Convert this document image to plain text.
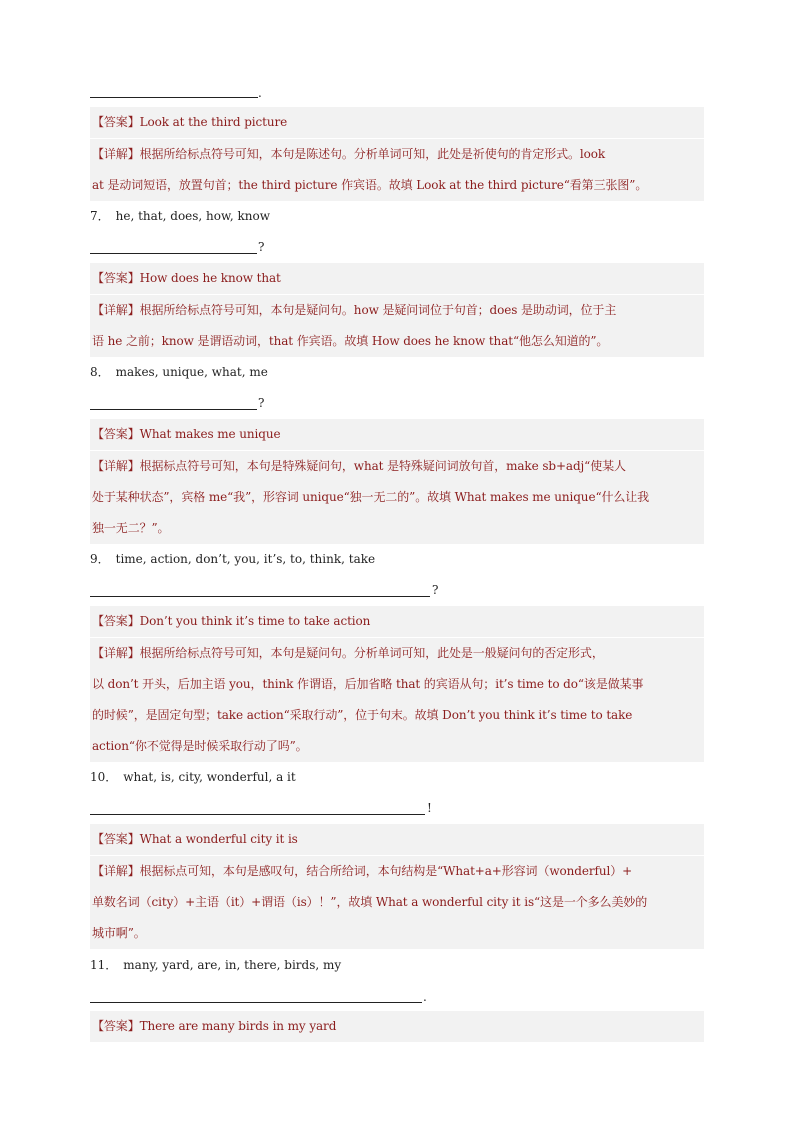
.
【答案】Look at the third picture
【详解】根据所给标点符号可知，本句是陈述句。分析单词可知，此处是祈使句的肯定形式。look
at 是动词短语，放置句首；the third picture 作宾语。故填 Look at the third picture“看第三张图”。
7． he, that, does, how, know
?
【答案】How does he know that
【详解】根据所给标点符号可知，本句是疑问句。how 是疑问词位于句首；does 是助动词，位于主
语 he 之前；know 是谓语动词，that 作宾语。故填 How does he know that“他怎么知道的”。
8． makes, unique, what, me
?
【答案】What makes me unique
【详解】根据标点符号可知，本句是特殊疑问句，what 是特殊疑问词放句首，make sb+adj“使某人
处于某种状态”，宾格 me“我”，形容词 unique“独一无二的”。故填 What makes me unique“什么让我
独一无二？”。
9． time, action, don’t, you, it’s, to, think, take
?
【答案】Don’t you think it’s time to take action
【详解】根据所给标点符号可知，本句是疑问句。分析单词可知，此处是一般疑问句的否定形式，
以 don’t 开头，后加主语 you，think 作谓语，后加省略 that 的宾语从句；it’s time to do“该是做某事
的时候”，是固定句型；take action“采取行动”，位于句末。故填 Don’t you think it’s time to take
action“你不觉得是时候采取行动了吗”。
10． what, is, city, wonderful, a it
!
【答案】What a wonderful city it is
【详解】根据标点可知，本句是感叹句，结合所给词，本句结构是“What+a+形容词（wonderful）+
单数名词（city）+主语（it）+谓语（is）！”，故填 What a wonderful city it is“这是一个多么美妙的
城市啊”。
11． many, yard, are, in, there, birds, my
.
【答案】There are many birds in my yard
